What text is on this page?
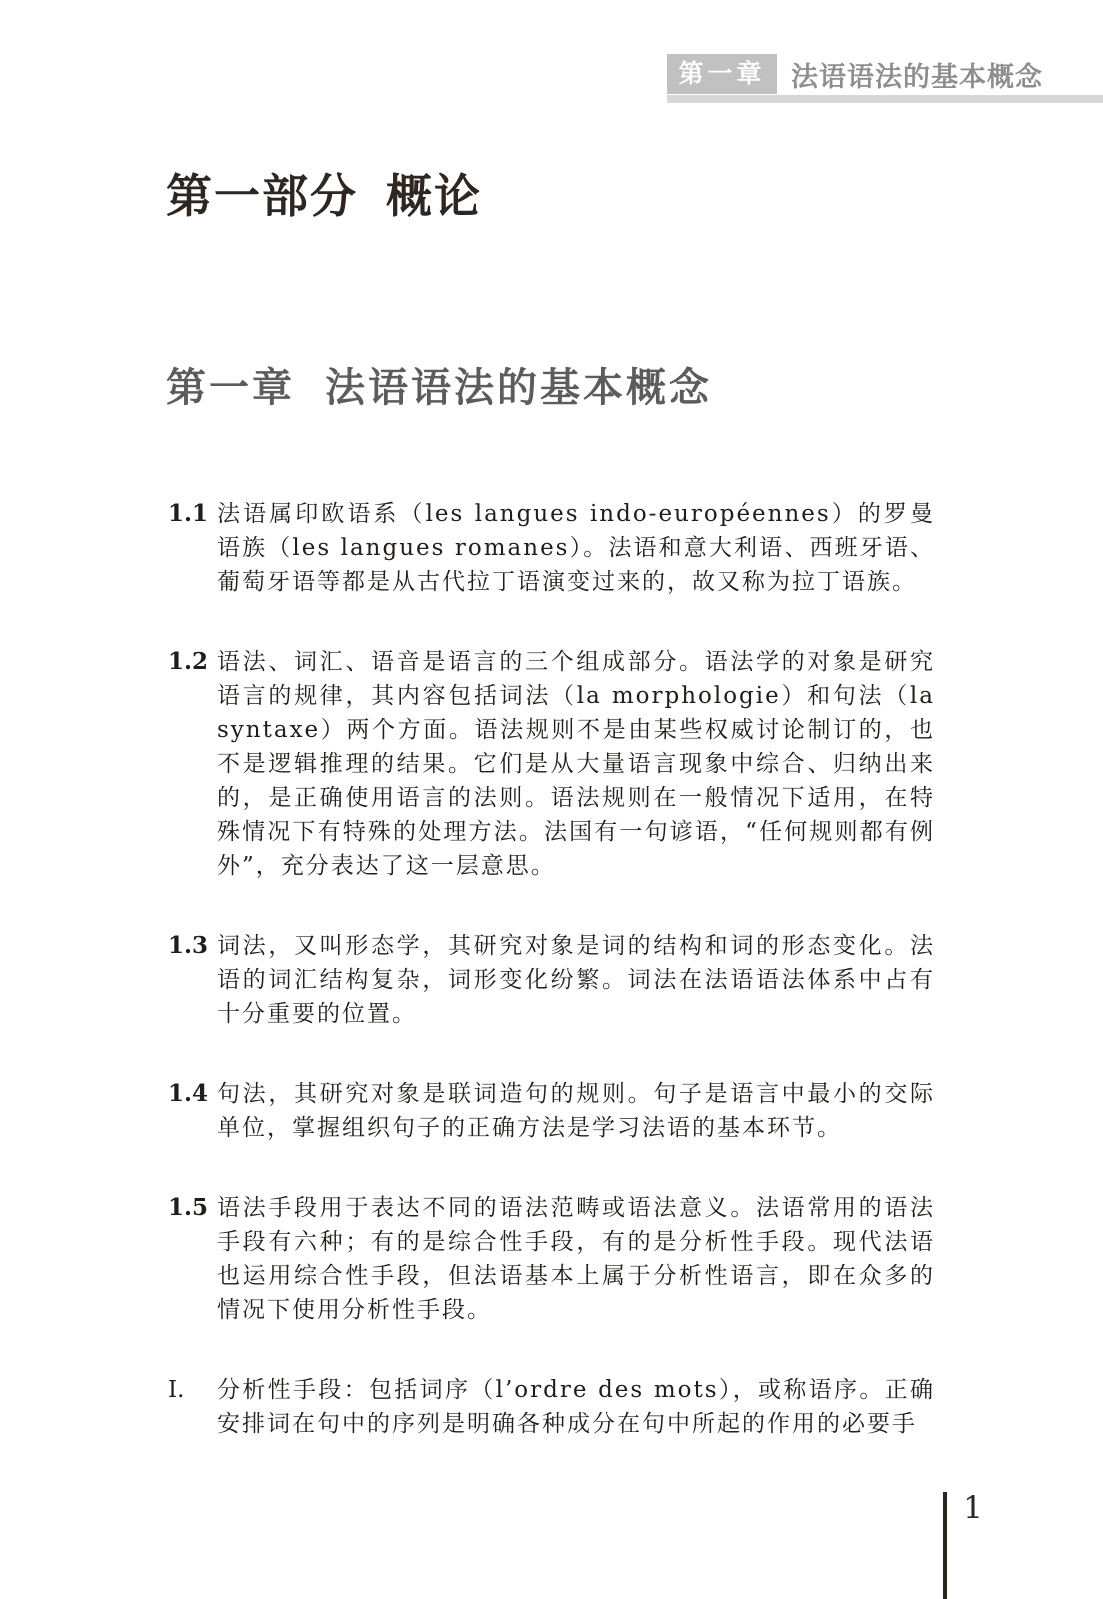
第一章 法语语法的基本概念
第一部分 概论
第一章 法语语法的基本概念
1.1 法语属印欧语系（les langues indo-européennes）的罗曼语族（les langues romanes）。法语和意大利语、西班牙语、葡萄牙语等都是从古代拉丁语演变过来的，故又称为拉丁语族。

1.2 语法、词汇、语音是语言的三个组成部分。语法学的对象是研究语言的规律，其内容包括词法（la morphologie）和句法（la syntaxe）两个方面。语法规则不是由某些权威讨论制订的，也不是逻辑推理的结果。它们是从大量语言现象中综合、归纳出来的，是正确使用语言的法则。语法规则在一般情况下适用，在特殊情况下有特殊的处理方法。法国有一句谚语，“任何规则都有例外”，充分表达了这一层意思。

1.3 词法，又叫形态学，其研究对象是词的结构和词的形态变化。法语的词汇结构复杂，词形变化纷繁。词法在法语语法体系中占有十分重要的位置。

1.4 句法，其研究对象是联词造句的规则。句子是语言中最小的交际单位，掌握组织句子的正确方法是学习法语的基本环节。

1.5 语法手段用于表达不同的语法范畴或语法意义。法语常用的语法手段有六种；有的是综合性手段，有的是分析性手段。现代法语也运用综合性手段，但法语基本上属于分析性语言，即在众多的情况下使用分析性手段。

I.	分析性手段：包括词序（l’ordre des mots），或称语序。正确安排词在句中的序列是明确各种成分在句中所起的作用的必要手

1
